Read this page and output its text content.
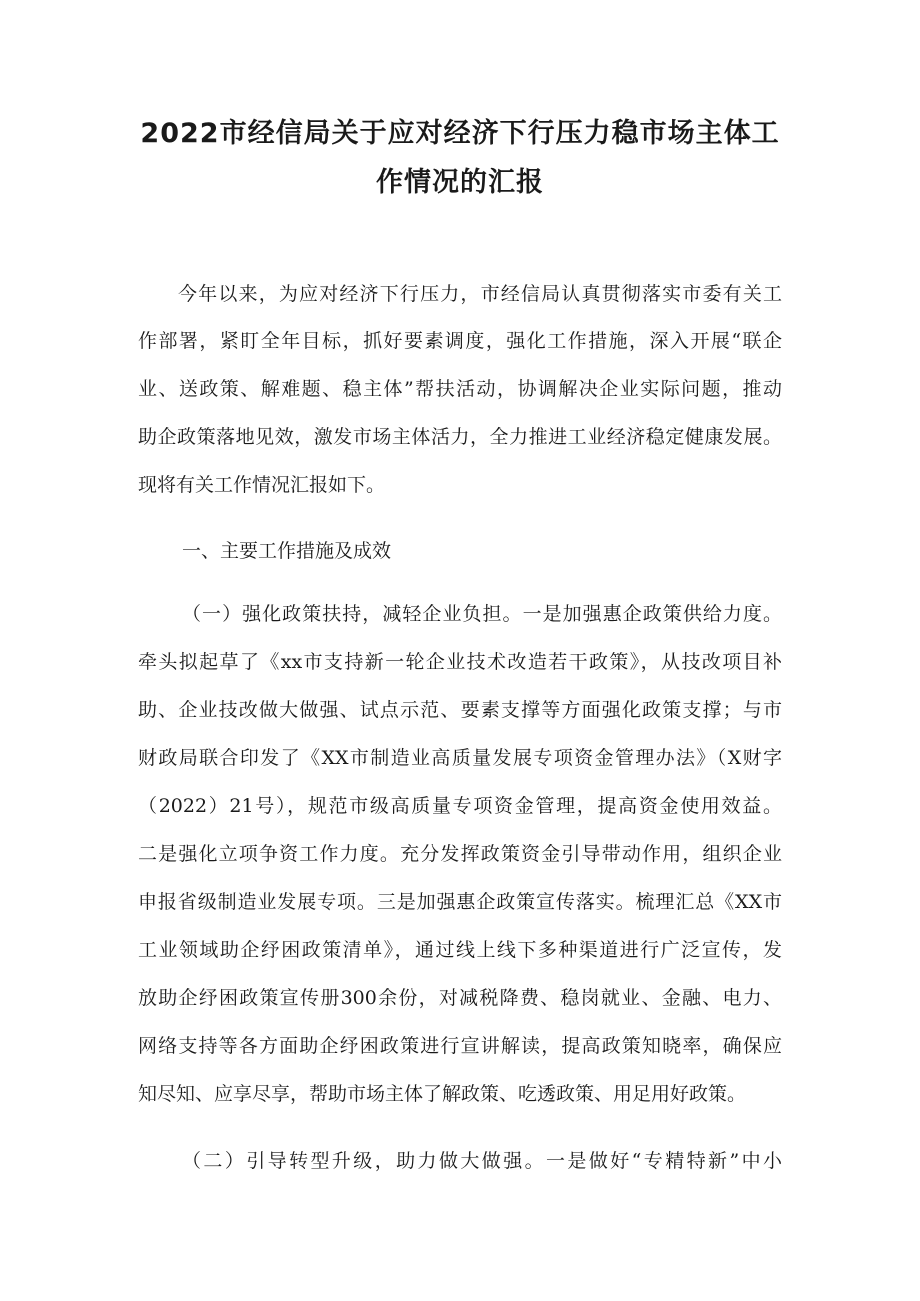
2022市经信局关于应对经济下行压力稳市场主体工
作情况的汇报

今年以来，为应对经济下行压力，市经信局认真贯彻落实市委有关工

作部署，紧盯全年目标，抓好要素调度，强化工作措施，深入开展“联企

业、送政策、解难题、稳主体”帮扶活动，协调解决企业实际问题，推动

助企政策落地见效，激发市场主体活力，全力推进工业经济稳定健康发展。

现将有关工作情况汇报如下。

一、主要工作措施及成效

（一）强化政策扶持，减轻企业负担。一是加强惠企政策供给力度。

牵头拟起草了《xx市支持新一轮企业技术改造若干政策》，从技改项目补

助、企业技改做大做强、试点示范、要素支撑等方面强化政策支撑；与市

财政局联合印发了《XX市制造业高质量发展专项资金管理办法》（X财字

（2022）21号），规范市级高质量专项资金管理，提高资金使用效益。

二是强化立项争资工作力度。充分发挥政策资金引导带动作用，组织企业

申报省级制造业发展专项。三是加强惠企政策宣传落实。梳理汇总《XX市

工业领域助企纾困政策清单》，通过线上线下多种渠道进行广泛宣传，发

放助企纾困政策宣传册300余份，对减税降费、稳岗就业、金融、电力、

网络支持等各方面助企纾困政策进行宣讲解读，提高政策知晓率，确保应

知尽知、应享尽享，帮助市场主体了解政策、吃透政策、用足用好政策。

（二）引导转型升级，助力做大做强。一是做好“专精特新”中小
